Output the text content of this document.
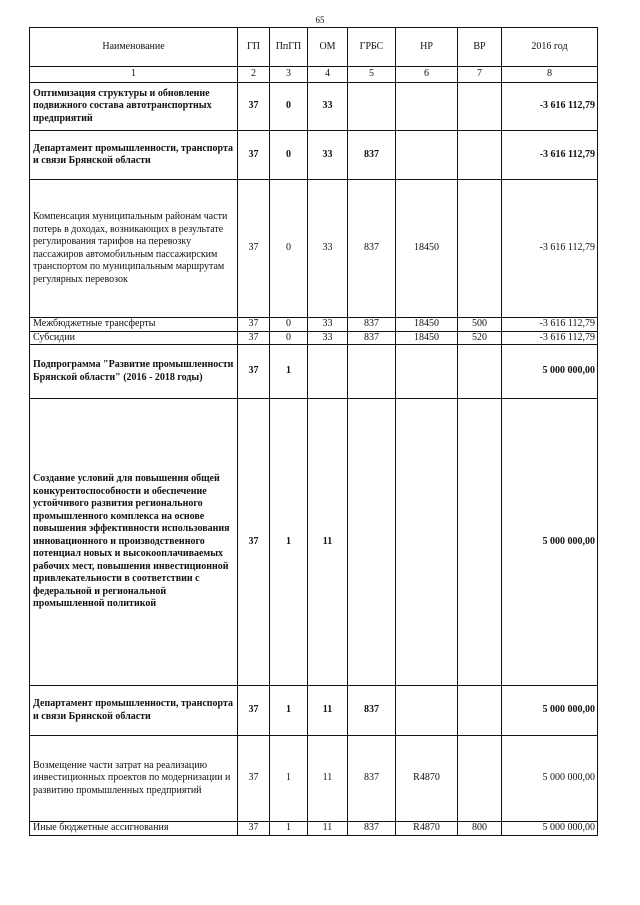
65
Наименование	ГП	ПпГП	ОМ	ГРБС	НР	ВР	2016 год
1	2	3	4	5	6	7	8
Оптимизация структуры и обновление подвижного состава автотранспортных предприятий	37	0	33				-3 616 112,79
Департамент промышленности, транспорта и связи Брянской области	37	0	33	837			-3 616 112,79
Компенсация муниципальным районам части потерь в доходах, возникающих в результате регулирования тарифов на перевозку пассажиров автомобильным пассажирским транспортом по муниципальным маршрутам регулярных перевозок	37	0	33	837	18450		-3 616 112,79
Межбюджетные трансферты	37	0	33	837	18450	500	-3 616 112,79
Субсидии	37	0	33	837	18450	520	-3 616 112,79
Подпрограмма "Развитие промышленности Брянской области" (2016 - 2018 годы)	37	1					5 000 000,00
Создание условий для повышения общей конкурентоспособности и обеспечение устойчивого развития регионального промышленного комплекса на основе повышения эффективности использования инновационного и производственного потенциал новых и высокооплачиваемых рабочих мест, повышения инвестиционной привлекательности в соответствии с федеральной и региональной промышленной политикой	37	1	11				5 000 000,00
Департамент промышленности, транспорта и связи Брянской области	37	1	11	837			5 000 000,00
Возмещение части затрат на реализацию инвестиционных проектов по модернизации и развитию промышленных предприятий	37	1	11	837	R4870		5 000 000,00
Иные бюджетные ассигнования	37	1	11	837	R4870	800	5 000 000,00
